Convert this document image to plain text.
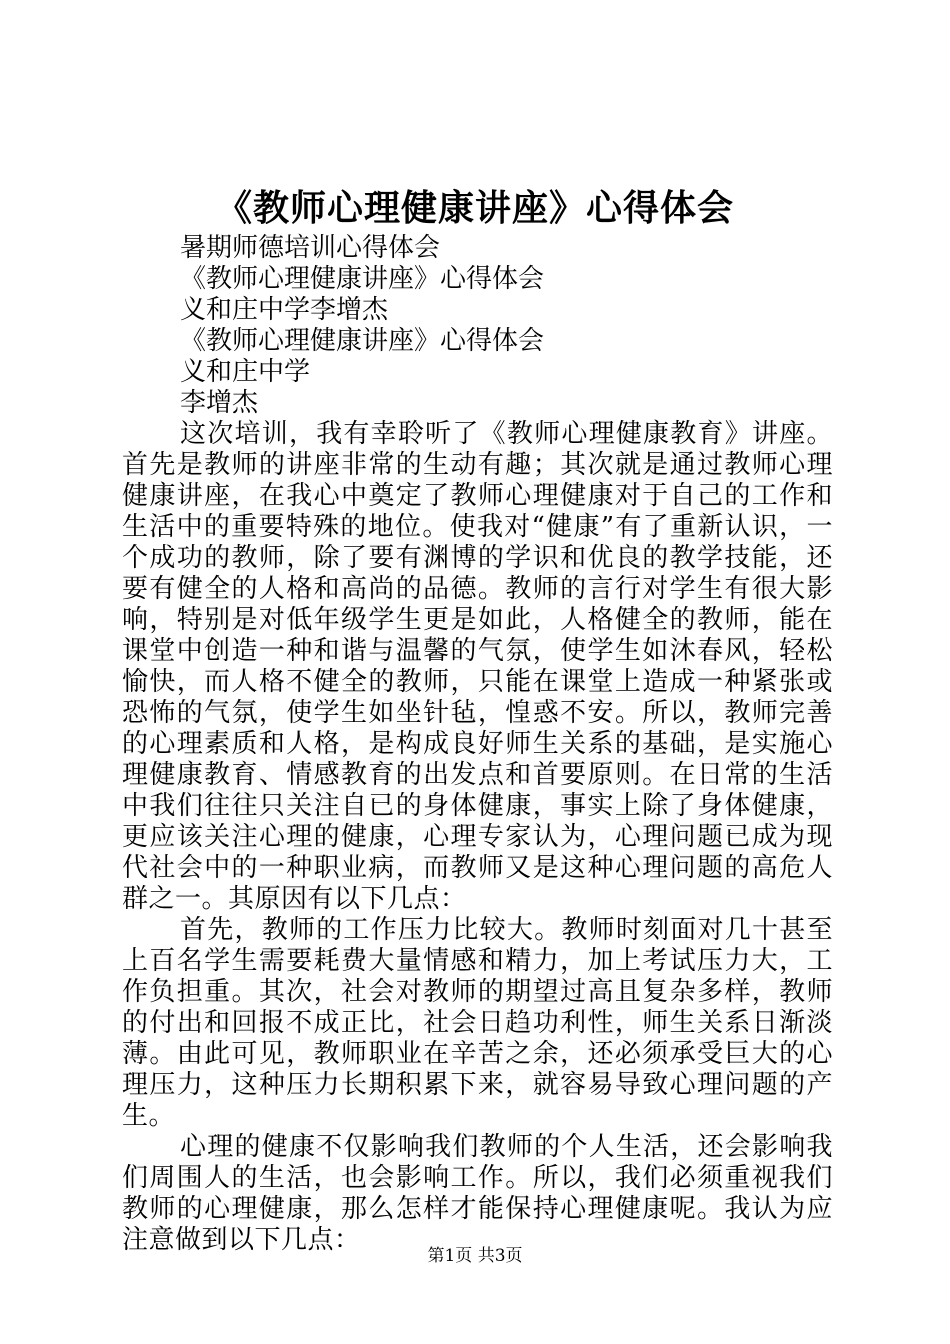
《教师心理健康讲座》心得体会

暑期师德培训心得体会

《教师心理健康讲座》心得体会

义和庄中学李增杰

《教师心理健康讲座》心得体会

义和庄中学

李增杰

这次培训，我有幸聆听了《教师心理健康教育》讲座。首先是教师的讲座非常的生动有趣；其次就是通过教师心理健康讲座，在我心中奠定了教师心理健康对于自己的工作和生活中的重要特殊的地位。使我对“健康”有了重新认识，一个成功的教师，除了要有渊博的学识和优良的教学技能，还要有健全的人格和高尚的品德。教师的言行对学生有很大影响，特别是对低年级学生更是如此，人格健全的教师，能在课堂中创造一种和谐与温馨的气氛，使学生如沐春风，轻松愉快，而人格不健全的教师，只能在课堂上造成一种紧张或恐怖的气氛，使学生如坐针毡，惶惑不安。所以，教师完善的心理素质和人格，是构成良好师生关系的基础，是实施心理健康教育、情感教育的出发点和首要原则。在日常的生活中我们往往只关注自已的身体健康，事实上除了身体健康，更应该关注心理的健康，心理专家认为，心理问题已成为现代社会中的一种职业病，而教师又是这种心理问题的高危人群之一。其原因有以下几点：

首先，教师的工作压力比较大。教师时刻面对几十甚至上百名学生需要耗费大量情感和精力，加上考试压力大，工作负担重。其次，社会对教师的期望过高且复杂多样，教师的付出和回报不成正比，社会日趋功利性，师生关系日渐淡薄。由此可见，教师职业在辛苦之余，还必须承受巨大的心理压力，这种压力长期积累下来，就容易导致心理问题的产生。

心理的健康不仅影响我们教师的个人生活，还会影响我们周围人的生活，也会影响工作。所以，我们必须重视我们教师的心理健康，那么怎样才能保持心理健康呢。我认为应注意做到以下几点：

第1页 共3页
